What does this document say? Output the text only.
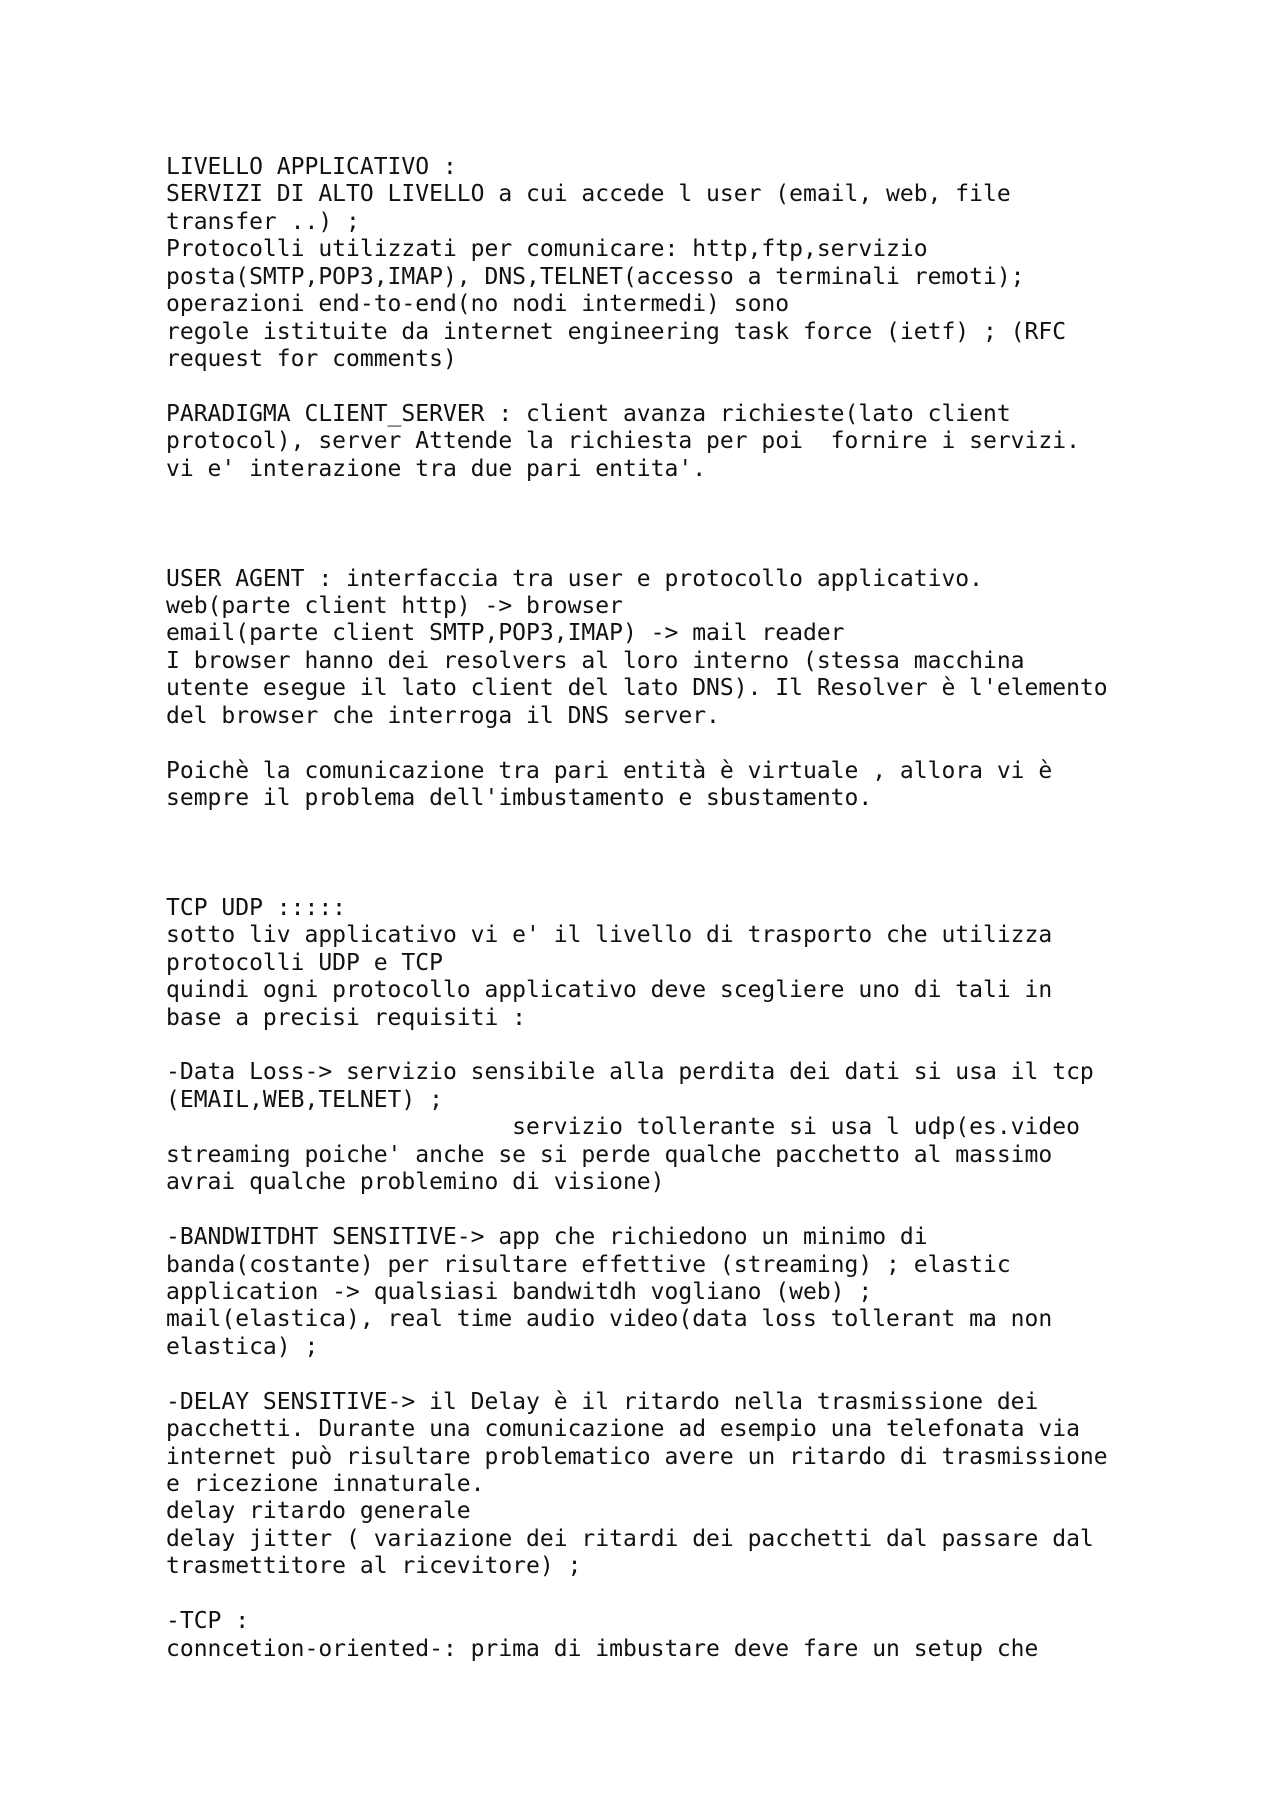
LIVELLO APPLICATIVO :
SERVIZI DI ALTO LIVELLO a cui accede l user (email, web, file
transfer ..) ;
Protocolli utilizzati per comunicare: http,ftp,servizio
posta(SMTP,POP3,IMAP), DNS,TELNET(accesso a terminali remoti);
operazioni end-to-end(no nodi intermedi) sono
regole istituite da internet engineering task force (ietf) ; (RFC
request for comments)
PARADIGMA CLIENT_SERVER : client avanza richieste(lato client
protocol), server Attende la richiesta per poi  fornire i servizi.
vi e' interazione tra due pari entita'.
USER AGENT : interfaccia tra user e protocollo applicativo.
web(parte client http) -> browser
email(parte client SMTP,POP3,IMAP) -> mail reader
I browser hanno dei resolvers al loro interno (stessa macchina
utente esegue il lato client del lato DNS). Il Resolver è l'elemento
del browser che interroga il DNS server.
Poichè la comunicazione tra pari entità è virtuale , allora vi è
sempre il problema dell'imbustamento e sbustamento.
TCP UDP :::::
sotto liv applicativo vi e' il livello di trasporto che utilizza
protocolli UDP e TCP
quindi ogni protocollo applicativo deve scegliere uno di tali in
base a precisi requisiti :
-Data Loss-> servizio sensibile alla perdita dei dati si usa il tcp
(EMAIL,WEB,TELNET) ;
servizio tollerante si usa l udp(es.video
streaming poiche' anche se si perde qualche pacchetto al massimo
avrai qualche problemino di visione)
-BANDWITDHT SENSITIVE-> app che richiedono un minimo di
banda(costante) per risultare effettive (streaming) ; elastic
application -> qualsiasi bandwitdh vogliano (web) ;
mail(elastica), real time audio video(data loss tollerant ma non
elastica) ;
-DELAY SENSITIVE-> il Delay è il ritardo nella trasmissione dei
pacchetti. Durante una comunicazione ad esempio una telefonata via
internet può risultare problematico avere un ritardo di trasmissione
e ricezione innaturale.
delay ritardo generale
delay jitter ( variazione dei ritardi dei pacchetti dal passare dal
trasmettitore al ricevitore) ;
-TCP :
conncetion-oriented-: prima di imbustare deve fare un setup che
